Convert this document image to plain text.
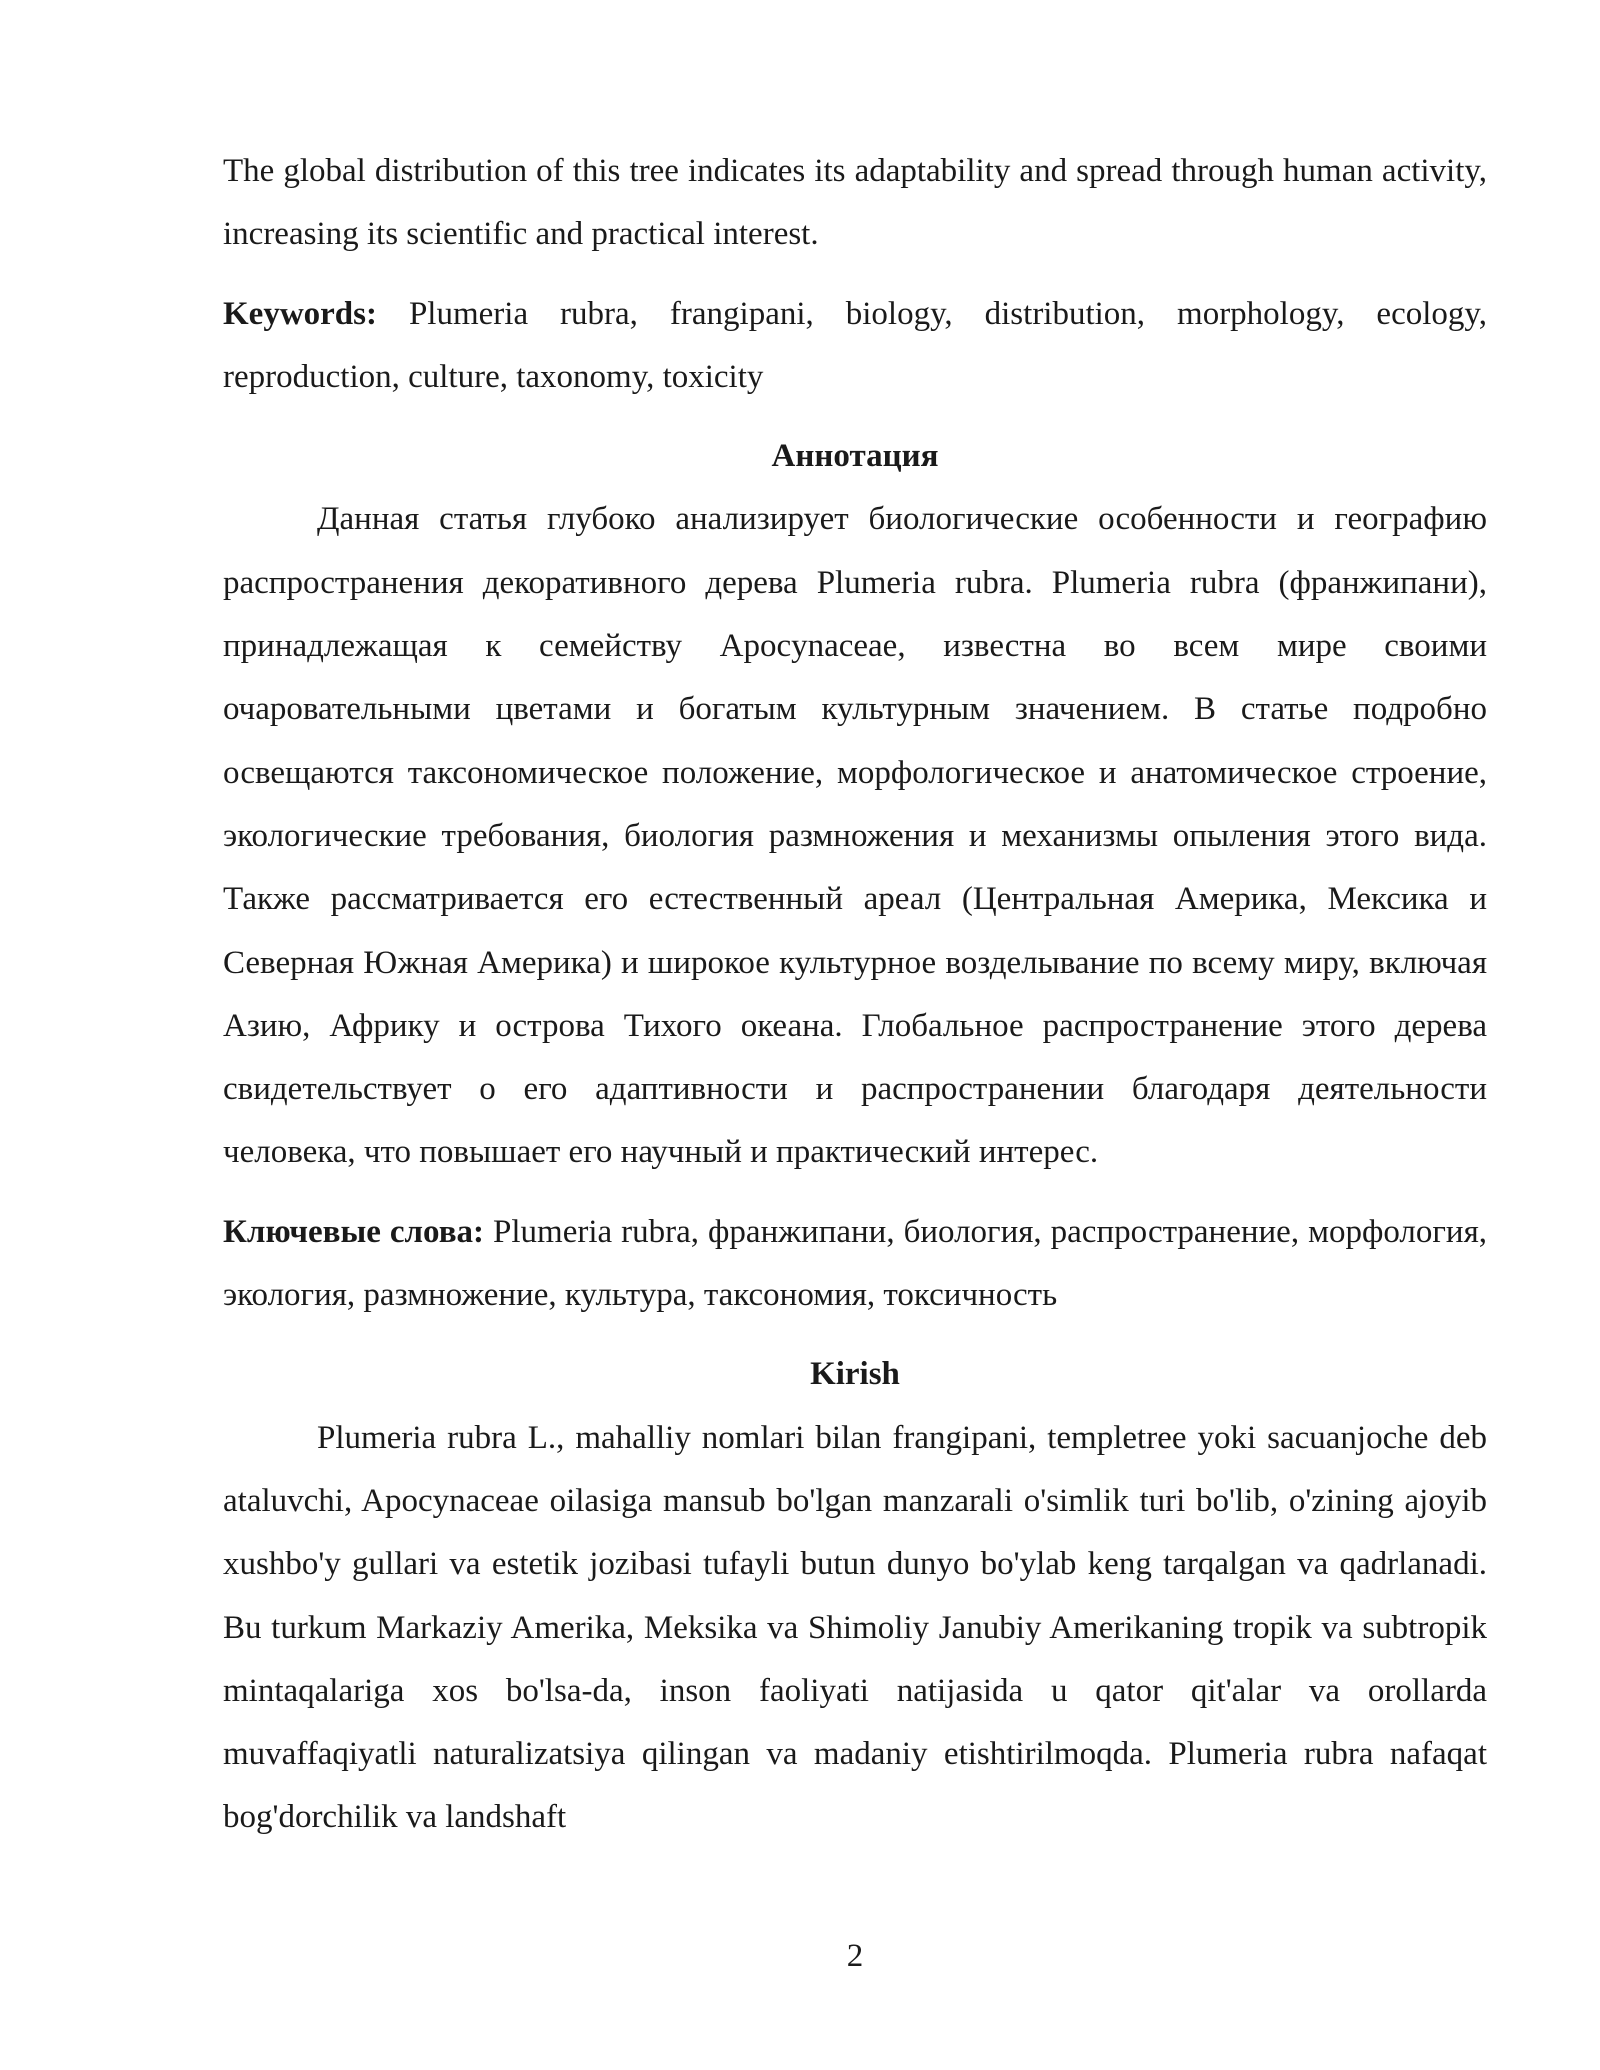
The global distribution of this tree indicates its adaptability and spread through human activity, increasing its scientific and practical interest.

Keywords: Plumeria rubra, frangipani, biology, distribution, morphology, ecology, reproduction, culture, taxonomy, toxicity

Аннотация

Данная статья глубоко анализирует биологические особенности и географию распространения декоративного дерева Plumeria rubra. Plumeria rubra (франжипани), принадлежащая к семейству Apocynaceae, известна во всем мире своими очаровательными цветами и богатым культурным значением. В статье подробно освещаются таксономическое положение, морфологическое и анатомическое строение, экологические требования, биология размножения и механизмы опыления этого вида. Также рассматривается его естественный ареал (Центральная Америка, Мексика и Северная Южная Америка) и широкое культурное возделывание по всему миру, включая Азию, Африку и острова Тихого океана. Глобальное распространение этого дерева свидетельствует о его адаптивности и распространении благодаря деятельности человека, что повышает его научный и практический интерес.

Ключевые слова: Plumeria rubra, франжипани, биология, распространение, морфология, экология, размножение, культура, таксономия, токсичность

Kirish

Plumeria rubra L., mahalliy nomlari bilan frangipani, templetree yoki sacuanjoche deb ataluvchi, Apocynaceae oilasiga mansub bo'lgan manzarali o'simlik turi bo'lib, o'zining ajoyib xushbo'y gullari va estetik jozibasi tufayli butun dunyo bo'ylab keng tarqalgan va qadrlanadi. Bu turkum Markaziy Amerika, Meksika va Shimoliy Janubiy Amerikaning tropik va subtropik mintaqalariga xos bo'lsa-da, inson faoliyati natijasida u qator qit'alar va orollarda muvaffaqiyatli naturalizatsiya qilingan va madaniy etishtirilmoqda. Plumeria rubra nafaqat bog'dorchilik va landshaft

2
